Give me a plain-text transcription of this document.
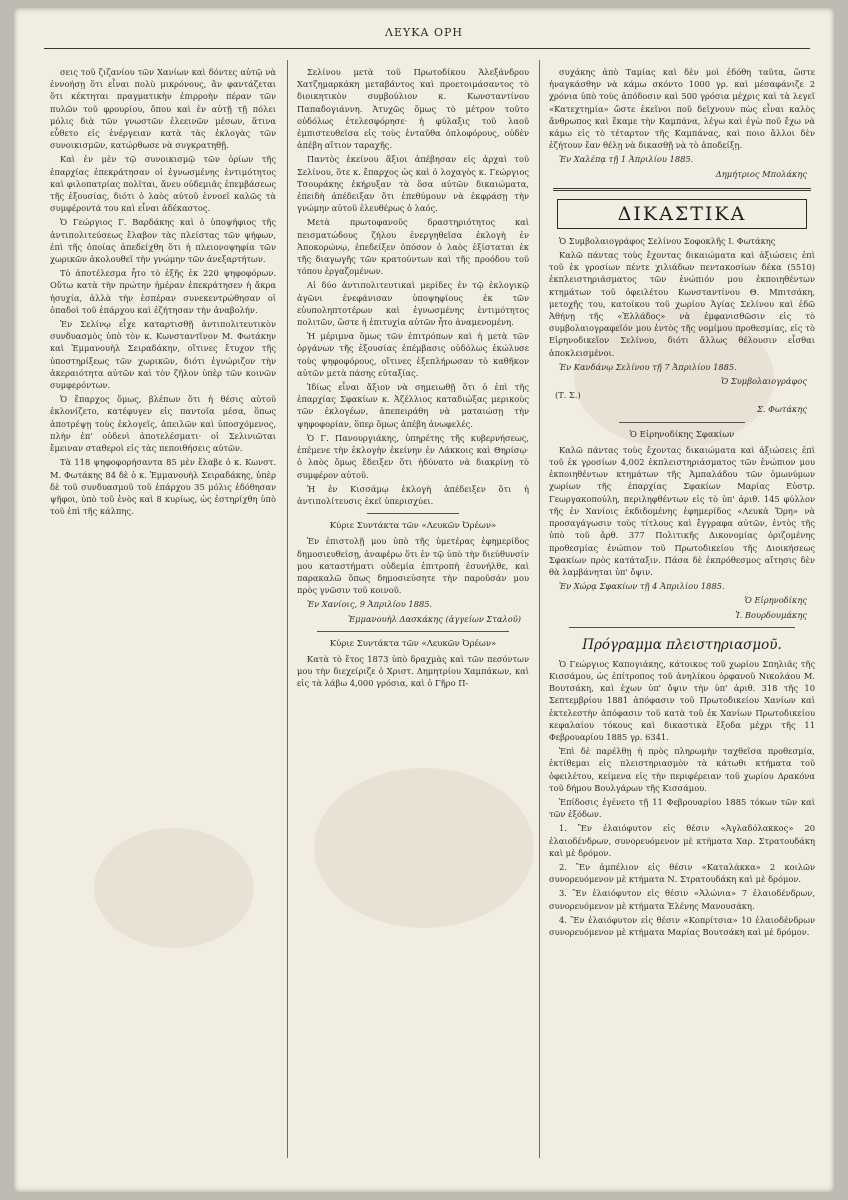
ΛΕΥΚΑ ΟΡΗ

σεις τοῦ ζιζανίου τῶν Χανίων καὶ δόντες αὐτῷ νὰ ἐννοήσῃ ὅτι εἶναι πολὺ μικρόνους, ἂν φαντάζεται ὅτι κέκτηται πραγματικὴν ἐπιρροὴν πέραν τῶν πυλῶν τοῦ φρουρίου, ὅπου καὶ ἐν αὐτῇ τῇ πόλει μόλις διὰ τῶν γνωστῶν ἐλεεινῶν μέσων, ἅτινα εὗθετο εἰς ἐνέργειαν κατὰ τὰς ἐκλογὰς τῶν συνοικισμῶν, κατώρθωσε νὰ συγκρατηθῇ.

Καὶ ἐν μὲν τῷ συνοικισμῷ τῶν ὁρίων τῆς ἐπαρχίας ἐπεκράτησαν οἱ ἐγνωσμένης ἐντιμότητος καὶ φιλοπατρίας πολῖται, ἄνευ οὐδεμιᾶς ἐπεμβάσεως τῆς ἐξουσίας, διότι ὁ λαὸς αὐτοῦ ἐννοεῖ καλῶς τὰ συμφέροντά του καὶ εἶναι ἀδέκαστος.

Ὁ Γεώργιος Γ. Βαρδάκης καὶ ὁ ὑποψήφιος τῆς ἀντιπολιτεύσεως ἔλαβον τὰς πλείστας τῶν ψήφων, ἐπὶ τῆς ὁποίας ἀπεδείχθη ὅτι ἡ πλειονοψηφία τῶν χωρικῶν ἀκολουθεῖ τὴν γνώμην τῶν ἀνεξαρτήτων.

Τὸ ἀποτέλεσμα ἦτο τὸ ἑξῆς ἐκ 220 ψηφοφόρων. Οὕτω κατὰ τὴν πρώτην ἡμέραν ἐπεκράτησεν ἡ ἄκρα ἡσυχία, ἀλλὰ τὴν ἑσπέραν συνεκεντρώθησαν οἱ ὀπαδοὶ τοῦ ἐπάρχου καὶ ἐζήτησαν τὴν ἀναβολήν.

Ἐν Σελίνῳ εἶχε καταρτισθῇ ἀντιπολιτευτικὸν συνδυασμὸς ὑπὸ τὸν κ. Κωνσταντῖνον Μ. Φωτάκην καὶ Ἐμμανουὴλ Σειραδάκην, οἵτινες ἔτυχον τῆς ὑποστηρίξεως τῶν χωρικῶν, διότι ἐγνώριζον τὴν ἀκεραιότητα αὐτῶν καὶ τὸν ζῆλον ὑπὲρ τῶν κοινῶν συμφερόντων.

Ὁ ἔπαρχος ὅμως, βλέπων ὅτι ἡ θέσις αὐτοῦ ἐκλονίζετο, κατέφυγεν εἰς παντοῖα μέσα, ὅπως ἀποτρέψῃ τοὺς ἐκλογεῖς, ἀπειλῶν καὶ ὑποσχόμενος, πλὴν ἐπ' οὐδενὶ ἀποτελέσματι· οἱ Σελινιῶται ἔμειναν σταθεροὶ εἰς τὰς πεποιθήσεις αὐτῶν.

Τὰ 118 ψηφοφορήσαντα 85 μὲν ἔλαβε ὁ κ. Κωνστ. Μ. Φωτάκης 84 δὲ ὁ κ. Ἐμμανουὴλ Σειραδάκης, ὑπὲρ δὲ τοῦ συνδυασμοῦ τοῦ ἐπάρχου 35 μόλις ἐδόθησαν ψῆφοι, ὑπὸ τοῦ ἑνὸς καὶ 8 κυρίως, ὡς ἐστηρίχθη ὑπὸ τοῦ ἐπὶ τῆς κάλπης.

Σελίνου μετὰ τοῦ Πρωτοδίκου Ἀλεξάνδρου Χατζημαρκάκη μεταβάντος καὶ προετοιμάσαντος τὸ διοικητικὸν συμβούλιον κ. Κωνσταντίνου Παπαδογιάννη. Ἀτυχῶς ὅμως τὸ μέτρον τοῦτο οὐδόλως ἐτελεσφόρησε· ἡ φύλαξις τοῦ λαοῦ ἐμπιστευθεῖσα εἰς τοὺς ἐνταῦθα ὁπλοφόρους, οὐδὲν ἀπέβη αἴτιον ταραχῆς.

Παντὸς ἐκείνου ἄξιοι ἀπέβησαν εἰς ἀρχαὶ τοῦ Σελίνου, ὅτε κ. ἔπαρχος ὡς καὶ ὁ λοχαγὸς κ. Γεώργιος Τσουράκης ἐκήρυξαν τὰ ὅσα αὐτῶν δικαιώματα, ἐπειδὴ ἀπέδειξαν ὅτι ἐπεθύμουν νὰ ἐκφράσῃ τὴν γνώμην αὐτοῦ ἐλευθέρως ὁ λαός.

Μετὰ πρωτοφανοῦς δραστηριότητος καὶ πεισματώδους ζήλου ἐνεργηθεῖσα ἐκλογὴ ἐν Ἀποκορώνῳ, ἐπεδείξεν ὁπόσον ὁ λαὸς ἐξίσταται ἐκ τῆς διαγωγῆς τῶν κρατούντων καὶ τῆς προόδου τοῦ τόπου ἐργαζομένων.

Αἱ δύο ἀντιπολιτευτικαὶ μερίδες ἐν τῷ ἐκλογικῷ ἀγῶνι ἐνεφάνισαν ὑποψηφίους ἐκ τῶν εὐυποληπτοτέρων καὶ ἐγνωσμένης ἐντιμότητος πολιτῶν, ὥστε ἡ ἐπιτυχία αὐτῶν ἦτο ἀναμενομένη.

Ἡ μέριμνα ὅμως τῶν ἐπιτρόπων καὶ ἡ μετὰ τῶν ὀργάνων τῆς ἐξουσίας ἐπέμβασις οὐδόλως ἐκώλυσε τοὺς ψηφοφόρους, οἵτινες ἐξεπλήρωσαν τὸ καθῆκον αὐτῶν μετὰ πάσης εὐταξίας.

Ἰδίως εἶναι ἄξιον νὰ σημειωθῇ ὅτι ὁ ἐπὶ τῆς ἐπαρχίας Σφακίων κ. Ἀζέλλιος καταδιώξας μερικοὺς τῶν ἐκλογέων, ἀπεπειράθη νὰ ματαιώσῃ τὴν ψηφοφορίαν, ὅπερ ὅμως ἀπέβη ἀνωφελές.

Ὁ Γ. Πανουργιάκης, ὑπηρέτης τῆς κυβερνήσεως, ἐπέμενε τὴν ἐκλογὴν ἐκείνην ἐν Λάκκοις καὶ Θηρίσῳ· ὁ λαὸς ὅμως ἔδειξεν ὅτι ἠδύνατο νὰ διακρίνῃ τὸ συμφέρον αὐτοῦ.

Ἡ ἐν Κισσάμῳ ἐκλογὴ ἀπέδειξεν ὅτι ἡ ἀντιπολίτευσις ἐκεῖ ὑπερισχύει.

Κύριε Συντάκτα τῶν «Λευκῶν Ὀρέων»

Ἐν ἐπιστολῇ μου ὑπὸ τῆς ὑμετέρας ἐφημερίδος δημοσιευθείσῃ, ἀναφέρω ὅτι ἐν τῷ ὑπὸ τὴν διεύθυνσίν μου καταστήματι οὐδεμία ἐπιτροπὴ ἐσυνήλθε, καὶ παρακαλῶ ὅπως δημοσιεύσητε τὴν παροῦσάν μου πρὸς γνῶσιν τοῦ κοινοῦ.

Ἐν Χανίοις, 9 Ἀπριλίου 1885.
Ἐμμανουὴλ Δασκάκης (ἀγγείων Σταλοῦ)
Κύριε Συντάκτα τῶν «Λευκῶν Ὀρέων»

Κατὰ τὸ ἔτος 1873 ὑπὸ δραχμὰς καὶ τῶν πεσόντων μου τὴν διεχείριζε ὁ Χριστ. Δημητρίου Χαμπάκων, καὶ εἰς τὰ λάβω 4,000 γρόσια, καὶ ὁ Γῆρο Π-

συχάκης ἀπὸ Ταμίας καὶ δὲν μοὶ ἐδόθη ταῦτα, ὥστε ἠναγκάσθην νὰ κάμω σκόντο 1000 γρ. καὶ μέσαφάνιζε 2 χρόνια ὑπὸ τοὺς ἀπόδοσιν καὶ 500 γρόσια μέχρις καὶ τὰ λεγεῖ «Κατεχτημία» ὥστε ἐκεῖνοι ποῦ δεῖχνουν πὼς εἶναι καλὸς ἄνθρωπος καὶ ἔκαμε τὴν Καμπάνα, λέγω καὶ ἐγὼ ποῦ ἔχω νὰ κάμω εἰς τὸ τέταρτον τῆς Καμπάνας, καὶ ποιο ἄλλοι δὲν ἐζήτουν ἔαν θέλῃ νὰ δικασθῇ νὰ τὸ ἀποδείξῃ.

Ἐν Χαλέπᾳ τῇ 1 Ἀπριλίου 1885.
Δημήτριος Μπολάκης
ΔΙΚΑΣΤΙΚΑ

Ὁ Συμβολαιογράφος Σελίνου Σοφοκλῆς Ι. Φωτάκης

Καλῶ πάντας τοὺς ἔχοντας δικαιώματα καὶ ἀξιώσεις ἐπὶ τοῦ ἐκ γροσίων πέντε χιλιάδων πεντακοσίων δέκα (5510) ἐκπλειστηριάσματος τῶν ἐνώπιόν μου ἐκποιηθέντων κτημάτων τοῦ ὀφειλέτου Κωνσταντίνου Θ. Μπιτσάκη, μετοχῆς του, κατοίκου τοῦ χωρίου Ἀγίας Σελίνου καὶ ἐδῶ Ἀθήνῃ τῆς «Ἐλλάδος» νὰ ἐμφανισθῶσιν εἰς τὸ συμβολαιογραφεῖόν μου ἐντὸς τῆς νομίμου προθεσμίας, εἰς τὸ Εἰρηνοδικεῖον Σελίνου, διότι ἄλλως θέλουσιν εἶσθαι ἀποκλεισμένοι.

Ἐν Κανδάνῳ Σελίνου τῇ 7 Ἀπριλίου 1885.
Ὁ Συμβολαιογράφος
(Τ. Σ.)
Σ. Φωτάκης
Ὁ Εἰρηνοδίκης Σφακίων

Καλῶ πάντας τοὺς ἔχοντας δικαιώματα καὶ ἀξιώσεις ἐπὶ τοῦ ἐκ γροσίων 4,002 ἐκπλειστηριάσματος τῶν ἐνώπιον μου ἐκποιηθέντων κτημάτων τῆς Ἀμπαλάδου τῶν ὁμωνύμων χωρίων τῆς ἐπαρχίας Σφακίων Μαρίας Εὐστρ. Γεωργακοπούλη, περιληφθέντων εἰς τὸ ὑπ' ἀριθ. 145 φύλλον τῆς ἐν Χανίοις ἐκδιδομένης ἐφημερίδος «Λευκὰ Ὄρη» νὰ προσαγάγωσιν τοὺς τίτλους καὶ ἔγγραφα αὐτῶν, ἐντὸς τῆς ὑπὸ τοῦ ἄρθ. 377 Πολιτικῆς Δικονομίας ὁριζομένης προθεσμίας ἐνώπιον τοῦ Πρωτοδικείου τῆς Διοικήσεως Σφακίων πρὸς κατάταξιν. Πάσα δὲ ἐκπρόθεσμος αἴτησις δὲν θὰ λαμβάνηται ὑπ' ὄψιν.

Ἐν Χώρᾳ Σφακίων τῇ 4 Ἀπριλίου 1885.
Ὁ Εἰρηνοδίκης
Ἰ. Βουρδουμάκης
Πρόγραμμα πλειστηριασμοῦ.

Ὁ Γεώργιος Καπογιάκης, κάτοικος τοῦ χωρίου Σπηλιᾶς τῆς Κισσάμου, ὡς ἐπίτροπος τοῦ ἀνηλίκου ὀρφανοῦ Νικολάου Μ. Βουτσάκη, καὶ ἐχων ὑπ' ὄψιν τὴν ὑπ' ἀριθ. 318 τῆς 10 Σεπτεμβρίου 1881 ἀπόφασιν τοῦ Πρωτοδικείου Χανίων καὶ ἐκτελεστὴν ἀπόφασιν τοῦ κατὰ τοῦ ἐκ Χανίων Πρωτοδικείου κεφαλαίου τόκους καὶ δικαστικὰ ἔξοδα μέχρι τῆς 11 Φεβρουαρίου 1885 γρ. 6341.

Ἐπὶ δὲ παρέλθῃ ἡ πρὸς πληρωμὴν ταχθεῖσα προθεσμία, ἐκτίθεμαι εἰς πλειστηριασμὸν τὰ κάτωθι κτήματα τοῦ ὀφειλέτου, κείμενα εἰς τὴν περιφέρειαν τοῦ χωρίου Δρακόνα τοῦ δήμου Βουλγάρων τῆς Κισσάμου.

Ἐπίδοσις ἐγένετο τῇ 11 Φεβρουαρίου 1885 τόκων τῶν καὶ τῶν ἐξόδων.

1. Ἓν ἐλαιόφυτον εἰς θέσιν «Ἀγλαδόλακκος» 20 ἐλαιοδένδρων, συνορευόμενον μὲ κτήματα Χαρ. Στρατουδάκη καὶ μὲ δρόμον.

2. Ἓν ἀμπέλιον εἰς θέσιν «Καταλάκκα» 2 κοιλῶν συνορευόμενον μὲ κτήματα Ν. Στρατουδάκη καὶ μὲ δρόμον.

3. Ἓν ἐλαιόφυτον εἰς θέσιν «Ἀλώνια» 7 ἐλαιοδένδρων, συνορευόμενον μὲ κτήματα Ἐλένης Μανουσάκη.

4. Ἓν ἐλαιόφυτον εἰς θέσιν «Κοπρίτσια» 10 ἐλαιοδένδρων συνορευόμενον μὲ κτήματα Μαρίας Βουτσάκη καὶ μὲ δρόμον.
